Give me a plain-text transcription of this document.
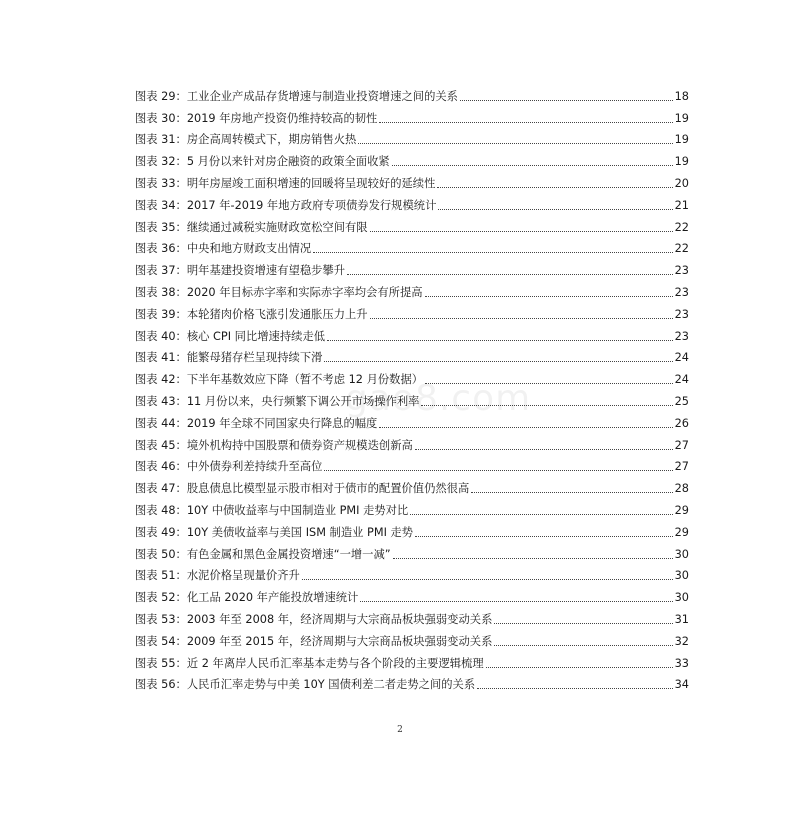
图表 29：工业企业产成品存货增速与制造业投资增速之间的关系	18
图表 30：2019 年房地产投资仍维持较高的韧性	19
图表 31：房企高周转模式下，期房销售火热	19
图表 32：5 月份以来针对房企融资的政策全面收紧	19
图表 33：明年房屋竣工面积增速的回暖将呈现较好的延续性	20
图表 34：2017 年-2019 年地方政府专项债券发行规模统计	21
图表 35：继续通过减税实施财政宽松空间有限	22
图表 36：中央和地方财政支出情况	22
图表 37：明年基建投资增速有望稳步攀升	23
图表 38：2020 年目标赤字率和实际赤字率均会有所提高	23
图表 39：本轮猪肉价格飞涨引发通胀压力上升	23
图表 40：核心 CPI 同比增速持续走低	23
图表 41：能繁母猪存栏呈现持续下滑	24
图表 42：下半年基数效应下降（暂不考虑 12 月份数据）	24
图表 43：11 月份以来，央行频繁下调公开市场操作利率	25
图表 44：2019 年全球不同国家央行降息的幅度	26
图表 45：境外机构持中国股票和债券资产规模迭创新高	27
图表 46：中外债券利差持续升至高位	27
图表 47：股息债息比模型显示股市相对于债市的配置价值仍然很高	28
图表 48：10Y 中债收益率与中国制造业 PMI 走势对比	29
图表 49：10Y 美债收益率与美国 ISM 制造业 PMI 走势	29
图表 50：有色金属和黑色金属投资增速“一增一减”	30
图表 51：水泥价格呈现量价齐升	30
图表 52：化工品 2020 年产能投放增速统计	30
图表 53：2003 年至 2008 年，经济周期与大宗商品板块强弱变动关系	31
图表 54：2009 年至 2015 年，经济周期与大宗商品板块强弱变动关系	32
图表 55：近 2 年离岸人民币汇率基本走势与各个阶段的主要逻辑梳理	33
图表 56：人民币汇率走势与中美 10Y 国债利差二者走势之间的关系	34
gao8.com
2
